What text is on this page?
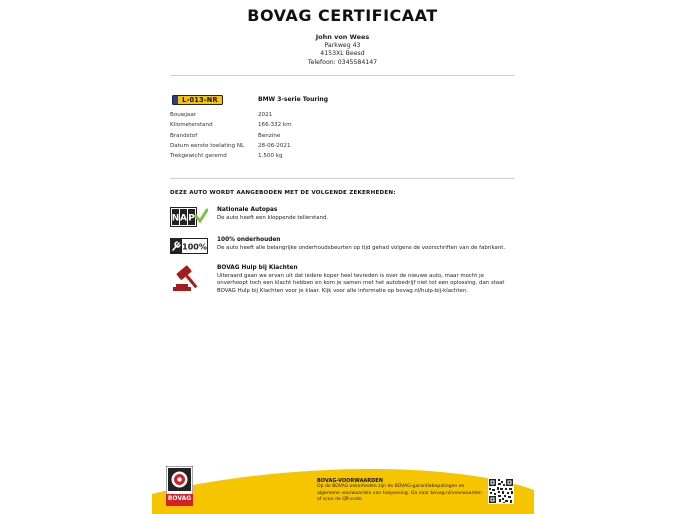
BOVAG CERTIFICAAT
John von Wees
Parkweg 43
4153XL Beesd
Telefoon: 0345584147
L-013-NR	BMW 3-serie Touring
Bouwjaar	2021
Kilometerstand	166.332 km
Brandstof	Benzine
Datum eerste toelating NL	28-06-2021
Trekgewicht geremd	1.500 kg
DEZE AUTO WORDT AANGEBODEN MET DE VOLGENDE ZEKERHEDEN:
N A P
Nationale Autopas
De auto heeft een kloppende tellerstand.
100%
100% onderhouden
De auto heeft alle belangrijke onderhoudsbeurten op tijd gehad volgens de voorschriften van de fabrikant.
BOVAG Hulp bij Klachten
Uiteraard gaan we ervan uit dat iedere koper heel tevreden is over de nieuwe auto, maar mocht je onverhoopt toch een klacht hebben en kom je samen met het autobedrijf niet tot een oplossing, dan staat BOVAG Hulp bij Klachten voor je klaar. Kijk voor alle informatie op bovag.nl/hulp-bij-klachten.
BOVAG
BOVAG-VOORWAARDEN
Op de BOVAG-zekerheden zijn de BOVAG-garantiebepalingen en algemene voorwaarden van toepassing. Ga naar bovag.nl/voorwaarden of scan de QR-code.
